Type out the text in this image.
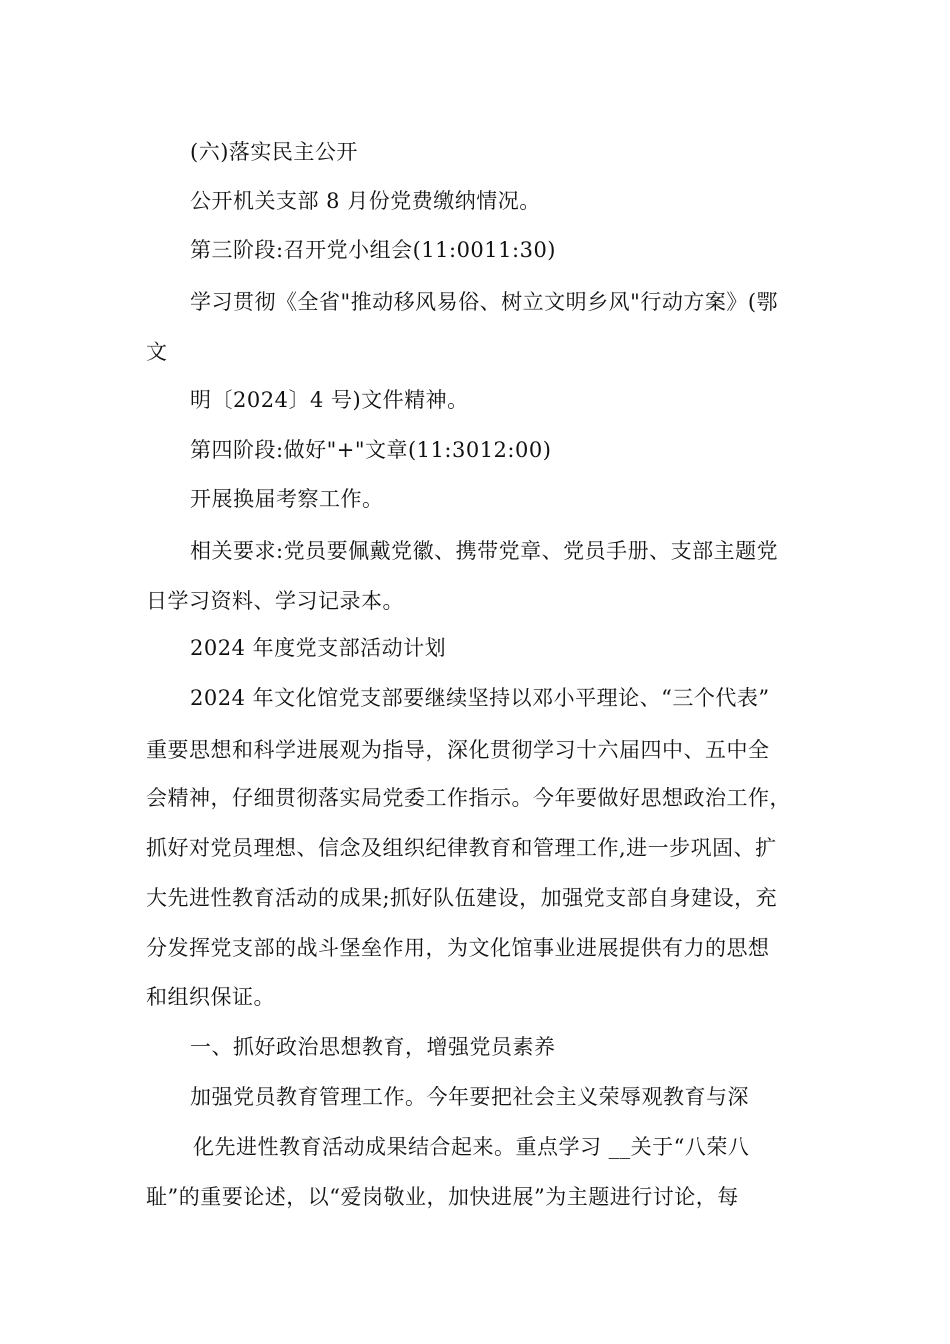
(六)落实民主公开
公开机关支部 8 月份党费缴纳情况。
第三阶段:召开党小组会(11:0011:30)
学习贯彻《全省"推动移风易俗、树立文明乡风"行动方案》(鄂
文
明〔2024〕4 号)文件精神。
第四阶段:做好"+"文章(11:3012:00)
开展换届考察工作。
相关要求:党员要佩戴党徽、携带党章、党员手册、支部主题党
日学习资料、学习记录本。
2024 年度党支部活动计划
2024 年文化馆党支部要继续坚持以邓小平理论、“三个代表”
重要思想和科学进展观为指导，深化贯彻学习十六届四中、五中全
会精神，仔细贯彻落实局党委工作指示。今年要做好思想政治工作，
抓好对党员理想、信念及组织纪律教育和管理工作,进一步巩固、扩
大先进性教育活动的成果;抓好队伍建设，加强党支部自身建设，充
分发挥党支部的战斗堡垒作用，为文化馆事业进展提供有力的思想
和组织保证。
一、抓好政治思想教育，增强党员素养
加强党员教育管理工作。今年要把社会主义荣辱观教育与深
化先进性教育活动成果结合起来。重点学习 __关于“八荣八
耻”的重要论述，以“爱岗敬业，加快进展”为主题进行讨论，每
